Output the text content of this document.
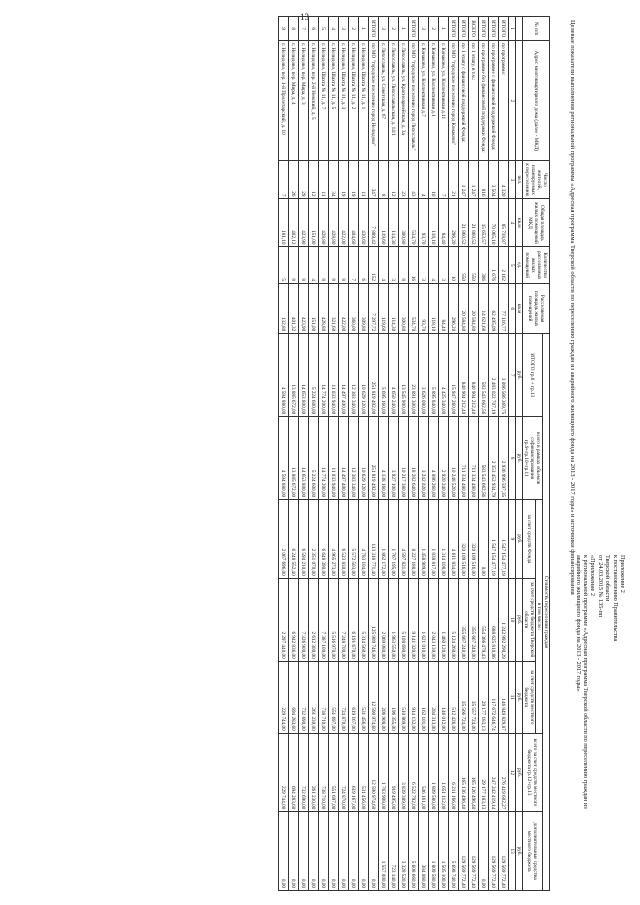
13
Приложение 2
к постановлению Правительства
Тверской области
от 24.03.2015 № 135-пп
«Приложение 2
к региональной программе «Адресная программа Тверской области по переселению граждан из
аварийного жилищного фонда на 2013 - 2017 годы»
Целевые показатели выполнения региональной программы «Адресная программа Тверской области по переселению граждан из аварийного жилищного фонда на 2013 - 2017 годы» и источники финансирования
№ п/п	Адрес многоквартирного дома (далее - МКД)	Число жителей, планируемых к переселению	Общая площадь жилых помещений МКД	Количество расселяемых жилых помещений	Расселяемая площадь жилых помещений	Стоимость переселения граждан						
						ИТОГО гр.8 + гр.13	всего в рамках объемов софинансирования гр.9+гр.10+гр.11	в том числе:			всего за счет средств местного бюджета гр.12+гр.13	дополнительные средства местного бюджета
								за счет средств Фонда	за счет средств бюджета Тверской области	за счет средств местного бюджета		
		чел.	кв.м	ед.	кв.м	руб.	руб.	руб.	руб.	руб.	руб.	руб.
1	2	3	4	5	6	7	8	9	10	11	12	13
ИТОГО	по программе:	4 320	85 718,87	2 162	77 116,77	3 066 566 369,75	2 936 996 597,35	1 547 154 477,19	1 242 992 290,29	146 849 829,87	276 419 602,27	129 569 772,40
ИТОГО	по программе с финансовой поддержкой Фонда:	3 504	70 065,10	1 676	62 495,09	2 483 022 707,19	2 353 452 934,79	1 547 154 477,19	688 625 810,86	117 672 646,74	247 242 419,14	129 569 772,40
ИТОГО	по программе без финансовой поддержки Фонда:	816	15 653,57	386	14 621,68	583 543 662,56	583 543 662,56	0,00	554 366 479,43	29 177 183,13	29 177 183,13	0,00
ВСЕГО	по 1 этапу, в т.ч.:	1 247	21 860,52	550	20 584,80	840 904 212,40	711 334 480,00	320 109 516,00	355 667 240,00	35 557 724,00	165 126 496,40	129 569 772,40
ИТОГО	по 1 этапу с финансовой поддержкой Фонда:	1 247	21 860,52	550	20 584,80	840 904 212,40	711 334 480,00	320 109 516,00	355 667 240,00	35 566 724,00	165 136 496,40	129 569 772,40
ИТОГО	по МО "городское поселение город Конаково"	21	296,20	10	296,20	15 947 260,00	10 248 520,00	4 611 834,00	5 124 260,00	512 426,00	6 211 166,00	5 698 740,00
1	г. Конаково, ул. Коллективная д.11	7	84,40	3	84,40	4 425 340,00	2 920 240,00	1 314 108,00	1 460 120,00	146 012,00	1 651 112,00	1 505 100,00
2	г. Конаково, ул. Коллективная д.1	10	118,10	4	118,10	5 895 840,00	4 086 260,00	1 838 817,00	2 043 130,00	204 313,00	1 809 580,00	1 809 580,00
3	г. Конаково, ул. Коллективная д.7	4	93,70	3	93,70	3 626 080,00	3 242 020,00	1 458 909,00	1 621 010,00	162 101,00	546 161,00	384 060,00
ИТОГО	по МО "городское поселение город Лихославль"	43	534,70	16	534,70	23 891 300,00	18 282 640,00	8 227 188,00	9 141 320,00	914 132,00	6 522 792,00	5 608 660,00
1	г. Лихославль, ул. Красноармейская, д. 3а	23	300,80	8	300,80	13 545 900,00	10 217 380,00	4 597 821,00	5 108 690,00	510 869,00	3 839 389,00	3 328 520,00
2	г. Лихославль, ул. Лихославльская, д. 14/1	12	114,30	3	114,30	4 650 240,00	3 927 100,00	1 767 195,00	1 963 550,00	196 355,00	919 495,00	723 140,00
3	г. Лихославль, ул. Советская, д. 67	8	119,60	4	119,60	5 695 160,00	4 138 160,00	1 862 172,00	2 069 080,00	206 908,00	1 763 908,00	1 557 000,00
ИТОГО	по МО "городское поселение город Нелидово"	347	7 889,42	152	7 297,72	251 819 492,00	251 819 492,00	113 318 771,40	125 909 746,00	12 590 974,60	12 590 974,60	0,00
1	г. Нелидово, Шахта № 11, д. 1	11	430,60	6	309,80	10 629 120,00	10 629 120,00	4 783 104,00	5 314 560,00	531 456,00	531 456,00	0,00
2	г. Нелидово, Шахта № 11, д. 2	19	404,60	7	360,00	12 383 340,00	12 383 340,00	5 572 503,00	6 191 670,00	619 167,00	619 167,00	0,00
3	г. Нелидово, Шахта № 11, д. 3	19	422,00	8	422,00	14 497 400,00	14 497 400,00	6 523 830,00	7 248 700,00	724 870,00	724 870,00	0,00
4	г. Нелидово, Шахта № 11, д. 5	34	428,80	8	321,60	11 033 940,00	11 033 940,00	4 965 273,00	5 516 970,00	551 697,00	551 697,00	0,00
5	г. Нелидово, Шахта № 11, д. 7	11	428,80	8	428,80	14 774 200,00	14 774 200,00	6 648 390,00	7 387 100,00	738 710,00	738 710,00	0,00
6	г. Нелидово, пер. 2-й Невский, д. 5	12	151,00	4	151,00	5 224 600,00	5 224 600,00	2 351 070,00	2 612 300,00	261 230,00	261 230,00	0,00
7	г. Нелидово, пер. Мира, д. 3	29	423,90	8	423,90	14 653 800,00	14 653 800,00	6 594 210,00	7 326 900,00	732 690,00	732 690,00	0,00
8	г. Нелидово, пер. Мира, д. 4	26	402,12	8	401,32	13 885 672,00	13 885 672,00	6 248 552,40	6 942 836,00	694 283,60	694 283,60	0,00
9	г. Нелидово, пер. 1-й Пролетарский, д. 10	7	181,10	5	132,80	4 594 880,00	4 594 880,00	2 067 696,00	2 297 440,00	229 744,00	229 744,00	0,00
